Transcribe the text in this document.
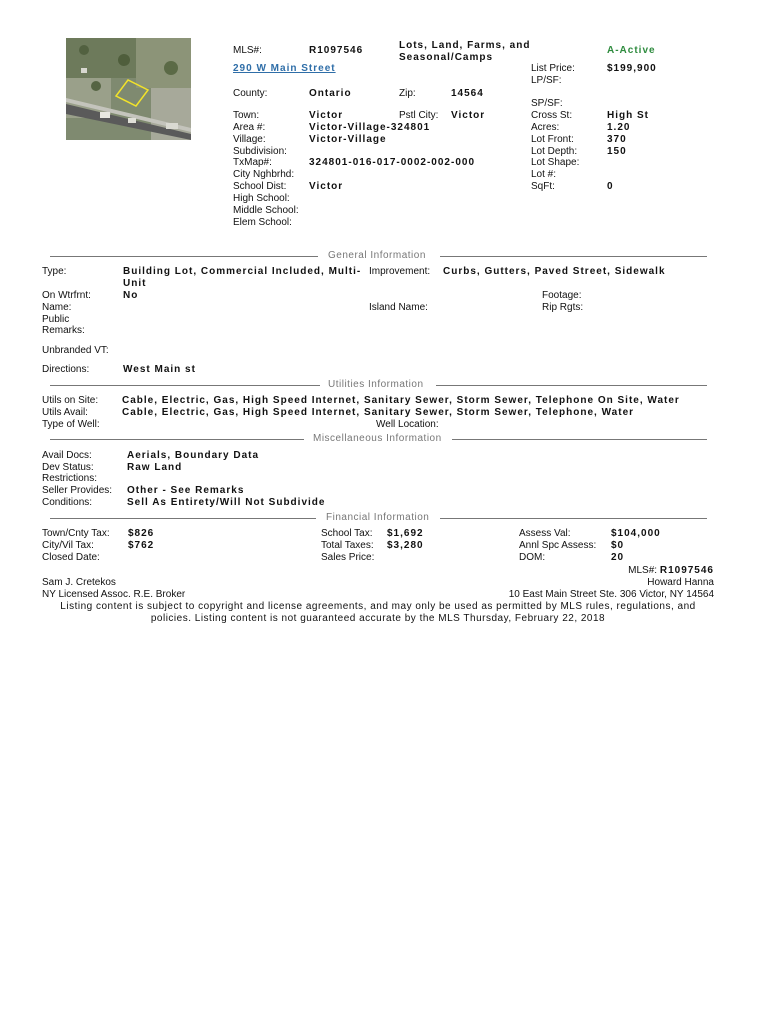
MLS#:	R1097546	Lots, Land, Farms, and
Seasonal/Camps
A-Active
290 W Main Street	List Price:	$199,900
LP/SF:
County:	Ontario	Zip:	14564
SP/SF:
Town:	Victor	Pstl City: Victor	Cross St:	High St
Area #:	Victor-Village-324801	Acres:	1.20
Village:	Victor-Village	Lot Front:	370
Subdivision:	Lot Depth:	150
TxMap#:	324801-016-017-0002-002-000	Lot Shape:
City Nghbrhd:	Lot #:
School Dist: Victor	SqFt:	0
High School:
Middle School:
Elem School:
General Information
Type:	Building Lot, Commercial Included, Multi-
Unit
Improvement: Curbs, Gutters, Paved Street, Sidewalk
On Wtrfrnt:	No	Footage:
Name:	Island Name:	Rip Rgts:
Public
Remarks:
Unbranded VT:
Directions:	West Main st
Utilities Information
Utils on Site: Cable, Electric, Gas, High Speed Internet, Sanitary Sewer, Storm Sewer, Telephone On Site, Water
Utils Avail:	Cable, Electric, Gas, High Speed Internet, Sanitary Sewer, Storm Sewer, Telephone, Water
Type of Well:	Well Location:
Miscellaneous Information
Avail Docs:	Aerials, Boundary Data
Dev Status:	Raw Land
Restrictions:
Seller Provides: Other - See Remarks
Conditions:	Sell As Entirety/Will Not Subdivide
Financial Information
Town/Cnty Tax: $826	School Tax: $1,692	Assess Val:	$104,000
City/Vil Tax:	$762	Total Taxes: $3,280	Annl Spc Assess: $0
Closed Date:	Sales Price:	DOM:	20
MLS#: R1097546
Sam J. Cretekos	Howard Hanna
NY Licensed Assoc. R.E. Broker	10 East Main Street Ste. 306 Victor, NY 14564
Listing content is subject to copyright and license agreements, and may only be used as permitted by MLS rules, regulations, and
policies. Listing content is not guaranteed accurate by the MLS Thursday, February 22, 2018
